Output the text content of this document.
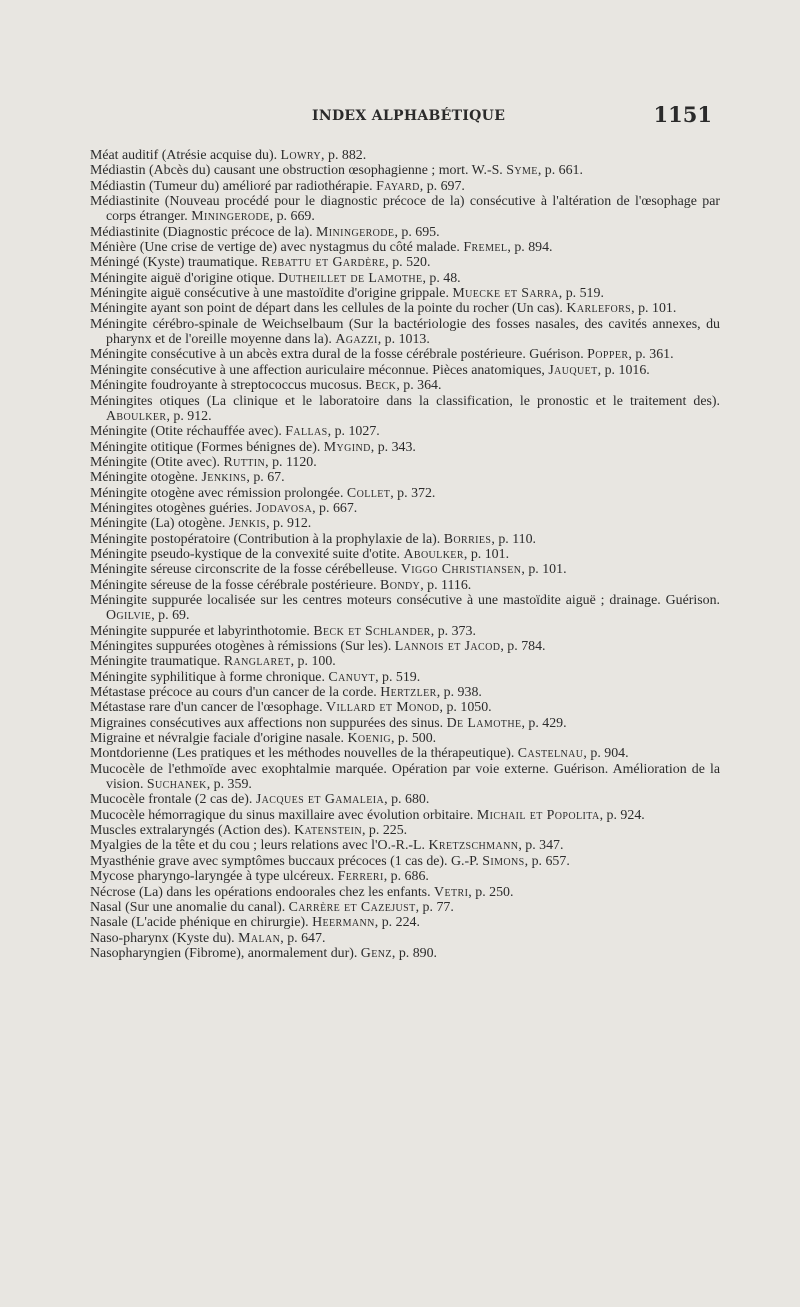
INDEX ALPHABÉTIQUE	1151

Méat auditif (Atrésie acquise du). Lowry, p. 882.

Médiastin (Abcès du) causant une obstruction œsophagienne ; mort. W.-S. Syme, p. 661.

Médiastin (Tumeur du) amélioré par radiothérapie. Fayard, p. 697.

Médiastinite (Nouveau procédé pour le diagnostic précoce de la) consécutive à l'altération de l'œsophage par corps étranger. Miningerode, p. 669.

Médiastinite (Diagnostic précoce de la). Miningerode, p. 695.

Ménière (Une crise de vertige de) avec nystagmus du côté malade. Fremel, p. 894.

Méningé (Kyste) traumatique. Rebattu et Gardère, p. 520.

Méningite aiguë d'origine otique. Dutheillet de Lamothe, p. 48.

Méningite aiguë consécutive à une mastoïdite d'origine grippale. Muecke et Sarra, p. 519.

Méningite ayant son point de départ dans les cellules de la pointe du rocher (Un cas). Karlefors, p. 101.

Méningite cérébro-spinale de Weichselbaum (Sur la bactériologie des fosses nasales, des cavités annexes, du pharynx et de l'oreille moyenne dans la). Agazzi, p. 1013.

Méningite consécutive à un abcès extra dural de la fosse cérébrale postérieure. Guérison. Popper, p. 361.

Méningite consécutive à une affection auriculaire méconnue. Pièces anatomiques, Jauquet, p. 1016.

Méningite foudroyante à streptococcus mucosus. Beck, p. 364.

Méningites otiques (La clinique et le laboratoire dans la classification, le pronostic et le traitement des). Aboulker, p. 912.

Méningite (Otite réchauffée avec). Fallas, p. 1027.

Méningite otitique (Formes bénignes de). Mygind, p. 343.

Méningite (Otite avec). Ruttin, p. 1120.

Méningite otogène. Jenkins, p. 67.

Méningite otogène avec rémission prolongée. Collet, p. 372.

Méningites otogènes guéries. Jodavosa, p. 667.

Méningite (La) otogène. Jenkis, p. 912.

Méningite postopératoire (Contribution à la prophylaxie de la). Borries, p. 110.

Méningite pseudo-kystique de la convexité suite d'otite. Aboulker, p. 101.

Méningite séreuse circonscrite de la fosse cérébelleuse. Viggo Christiansen, p. 101.

Méningite séreuse de la fosse cérébrale postérieure. Bondy, p. 1116.

Méningite suppurée localisée sur les centres moteurs consécutive à une mastoïdite aiguë ; drainage. Guérison. Ogilvie, p. 69.

Méningite suppurée et labyrinthotomie. Beck et Schlander, p. 373.

Méningites suppurées otogènes à rémissions (Sur les). Lannois et Jacod, p. 784.

Méningite traumatique. Ranglaret, p. 100.

Méningite syphilitique à forme chronique. Canuyt, p. 519.

Métastase précoce au cours d'un cancer de la corde. Hertzler, p. 938.

Métastase rare d'un cancer de l'œsophage. Villard et Monod, p. 1050.

Migraines consécutives aux affections non suppurées des sinus. De Lamothe, p. 429.

Migraine et névralgie faciale d'origine nasale. Koenig, p. 500.

Montdorienne (Les pratiques et les méthodes nouvelles de la thérapeutique). Castelnau, p. 904.

Mucocèle de l'ethmoïde avec exophtalmie marquée. Opération par voie externe. Guérison. Amélioration de la vision. Suchanek, p. 359.

Mucocèle frontale (2 cas de). Jacques et Gamaleia, p. 680.

Mucocèle hémorragique du sinus maxillaire avec évolution orbitaire. Michail et Popolita, p. 924.

Muscles extralaryngés (Action des). Katenstein, p. 225.

Myalgies de la tête et du cou ; leurs relations avec l'O.-R.-L. Kretzschmann, p. 347.

Myasthénie grave avec symptômes buccaux précoces (1 cas de). G.-P. Simons, p. 657.

Mycose pharyngo-laryngée à type ulcéreux. Ferreri, p. 686.

Nécrose (La) dans les opérations endoorales chez les enfants. Vetri, p. 250.

Nasal (Sur une anomalie du canal). Carrère et Cazejust, p. 77.

Nasale (L'acide phénique en chirurgie). Heermann, p. 224.

Naso-pharynx (Kyste du). Malan, p. 647.

Nasopharyngien (Fibrome), anormalement dur). Genz, p. 890.
